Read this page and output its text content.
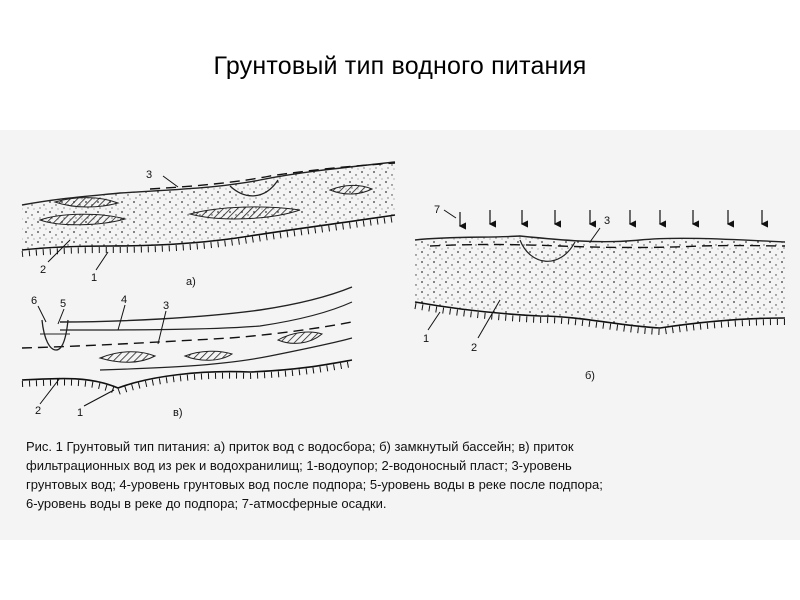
Грунтовый тип водного питания
3
2
1	а)
7
3
1
2
б)
6 5	4	3
2	1	в)
Рис. 1 Грунтовый тип питания: а) приток вод с водосбора; б) замкнутый бассейн; в) приток
фильтрационных вод из рек и водохранилищ; 1-водоупор; 2-водоносный пласт; 3-уровень
грунтовых вод; 4-уровень грунтовых вод после подпора; 5-уровень воды в реке после подпора;
6-уровень воды в реке до подпора; 7-атмосферные осадки.
